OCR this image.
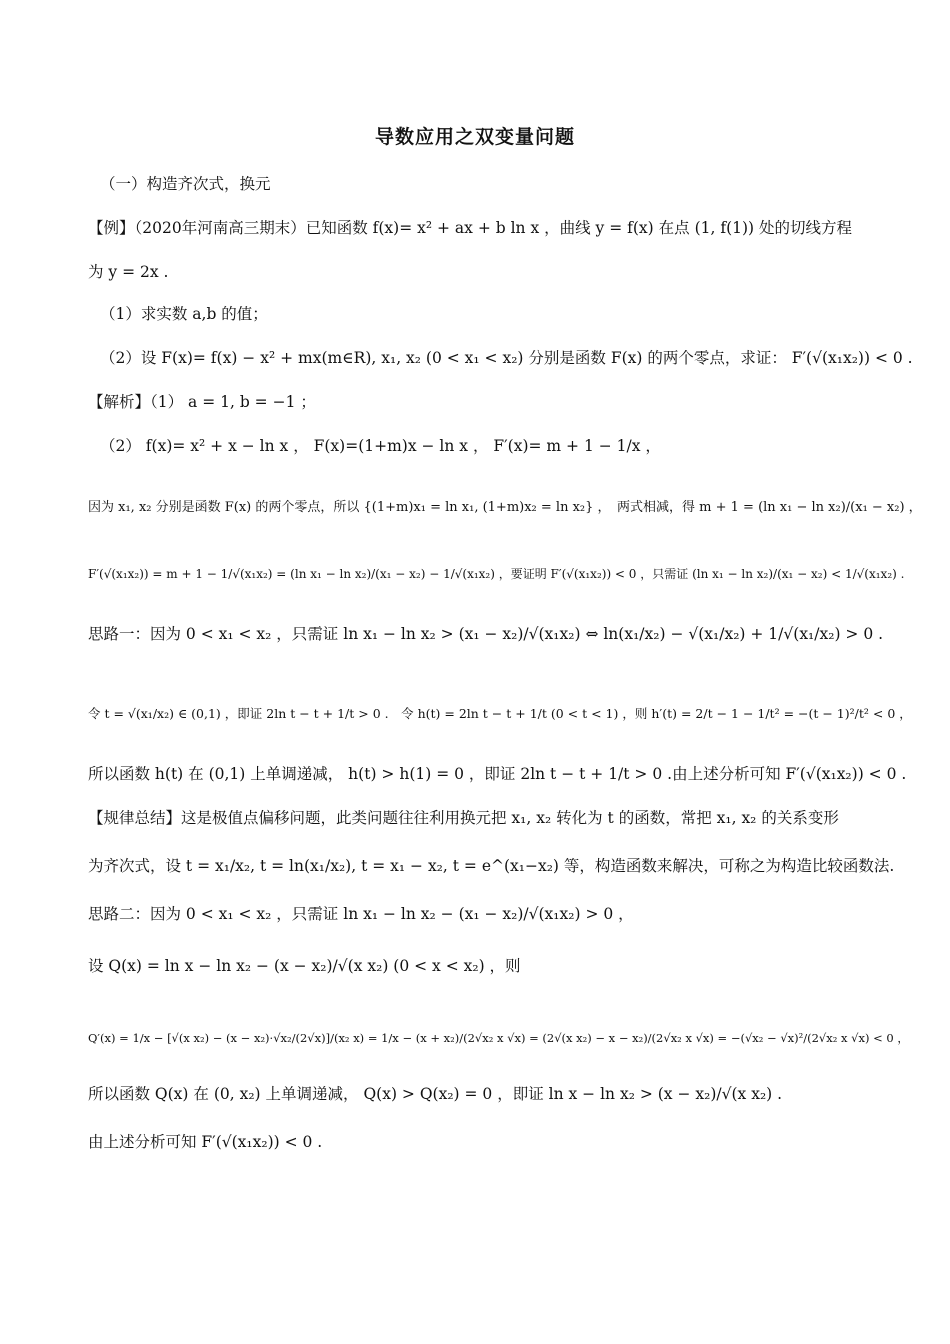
导数应用之双变量问题
（一）构造齐次式，换元
【例】（2020年河南高三期末）已知函数 f(x)= x² + ax + b ln x ，曲线 y = f(x) 在点 (1, f(1)) 处的切线方程
为 y = 2x .
（1）求实数 a,b 的值；
（2）设 F(x)= f(x) − x² + mx(m∈R), x₁, x₂ (0 < x₁ < x₂) 分别是函数 F(x) 的两个零点，求证： F′(√(x₁x₂)) < 0 .
【解析】（1） a = 1, b = −1 ；
（2） f(x)= x² + x − ln x ， F(x)=(1+m)x − ln x ， F′(x)= m + 1 − 1/x ，
因为 x₁, x₂ 分别是函数 F(x) 的两个零点，所以 {(1+m)x₁ = ln x₁, (1+m)x₂ = ln x₂} ，　两式相减，得 m + 1 = (ln x₁ − ln x₂)/(x₁ − x₂) ，
F′(√(x₁x₂)) = m + 1 − 1/√(x₁x₂) = (ln x₁ − ln x₂)/(x₁ − x₂) − 1/√(x₁x₂) ，要证明 F′(√(x₁x₂)) < 0 ，只需证 (ln x₁ − ln x₂)/(x₁ − x₂) < 1/√(x₁x₂) .
思路一：因为 0 < x₁ < x₂ ，只需证 ln x₁ − ln x₂ > (x₁ − x₂)/√(x₁x₂) ⇔ ln(x₁/x₂) − √(x₁/x₂) + 1/√(x₁/x₂) > 0 .
令 t = √(x₁/x₂) ∈ (0,1) ，即证 2ln t − t + 1/t > 0 .　令 h(t) = 2ln t − t + 1/t (0 < t < 1) ，则 h′(t) = 2/t − 1 − 1/t² = −(t − 1)²/t² < 0 ，
所以函数 h(t) 在 (0,1) 上单调递减， h(t) > h(1) = 0 ，即证 2ln t − t + 1/t > 0 .由上述分析可知 F′(√(x₁x₂)) < 0 .
【规律总结】这是极值点偏移问题，此类问题往往利用换元把 x₁, x₂ 转化为 t 的函数，常把 x₁, x₂ 的关系变形
为齐次式，设 t = x₁/x₂, t = ln(x₁/x₂), t = x₁ − x₂, t = e^(x₁−x₂) 等，构造函数来解决，可称之为构造比较函数法.
思路二：因为 0 < x₁ < x₂ ，只需证 ln x₁ − ln x₂ − (x₁ − x₂)/√(x₁x₂) > 0 ，
设 Q(x) = ln x − ln x₂ − (x − x₂)/√(x x₂) (0 < x < x₂) ，则
Q′(x) = 1/x − [√(x x₂) − (x − x₂)·√x₂/(2√x)]/(x₂ x) = 1/x − (x + x₂)/(2√x₂ x √x) = (2√(x x₂) − x − x₂)/(2√x₂ x √x) = −(√x₂ − √x)²/(2√x₂ x √x) < 0 ，
所以函数 Q(x) 在 (0, x₂) 上单调递减， Q(x) > Q(x₂) = 0 ，即证 ln x − ln x₂ > (x − x₂)/√(x x₂) .
由上述分析可知 F′(√(x₁x₂)) < 0 .
